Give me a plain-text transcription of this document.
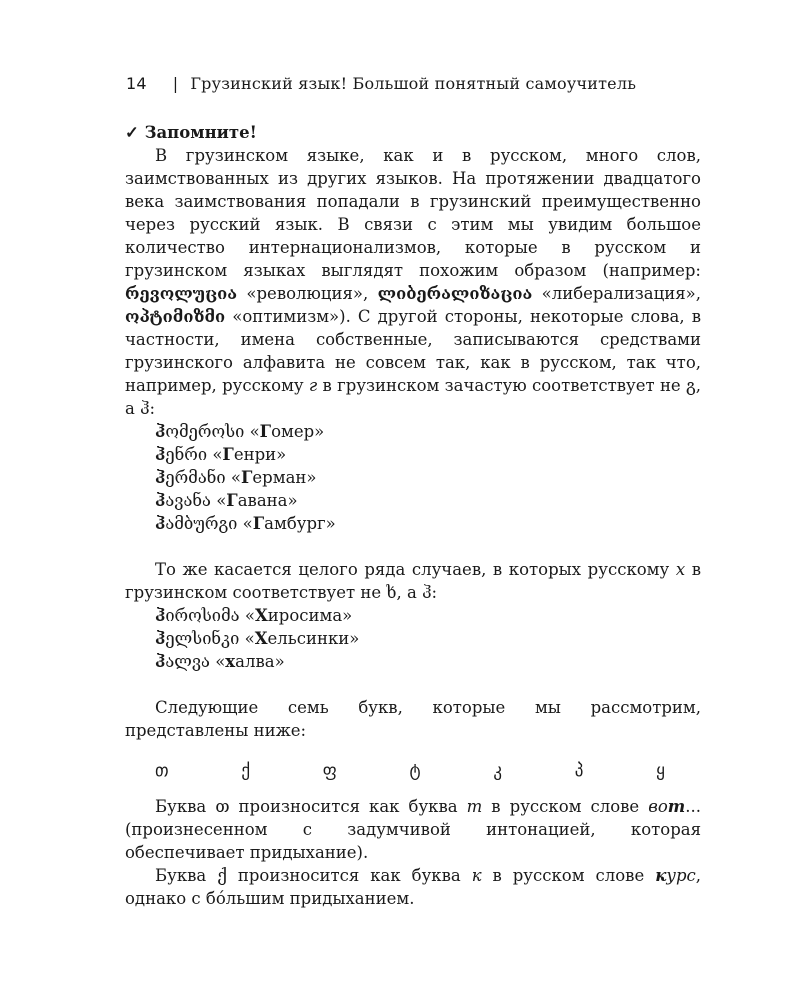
14 | Грузинский язык! Большой понятный самоучитель

✓ Запомните!

В грузинском языке, как и в русском, много слов, заимствованных из других языков. На протяжении двадцатого века заимствования попадали в грузинский преимущественно через русский язык. В связи с этим мы увидим большое количество интернационализмов, которые в русском и грузинском языках выглядят похожим образом (например: რევოლუცია «революция», ლიბერალიზაცია «либерализация», ოპტიმიზმი «оптимизм»). С другой стороны, некоторые слова, в частности, имена собственные, записываются средствами грузинского алфавита не совсем так, как в русском, так что, например, русскому г в грузинском зачастую соответствует не გ, а ჰ:

ჰომეროსი «Гомер»
ჰენრი «Генри»
ჰერმანი «Герман»
ჰავანა «Гавана»
ჰამბურგი «Гамбург»

То же касается целого ряда случаев, в которых русскому х в грузинском соответствует не ხ, а ჰ:

ჰიროსიმა «Хиросима»
ჰელსინკი «Хельсинки»
ჰალვა «халва»

Следующие семь букв, которые мы рассмотрим, представлены ниже:

თ	ქ	ფ	ტ	კ	პ	ყ

Буква თ произносится как буква т в русском слове вот... (произнесенном с задумчивой интонацией, которая обеспечивает придыхание).

Буква ქ произносится как буква к в русском слове курс, однако с бóльшим придыханием.
